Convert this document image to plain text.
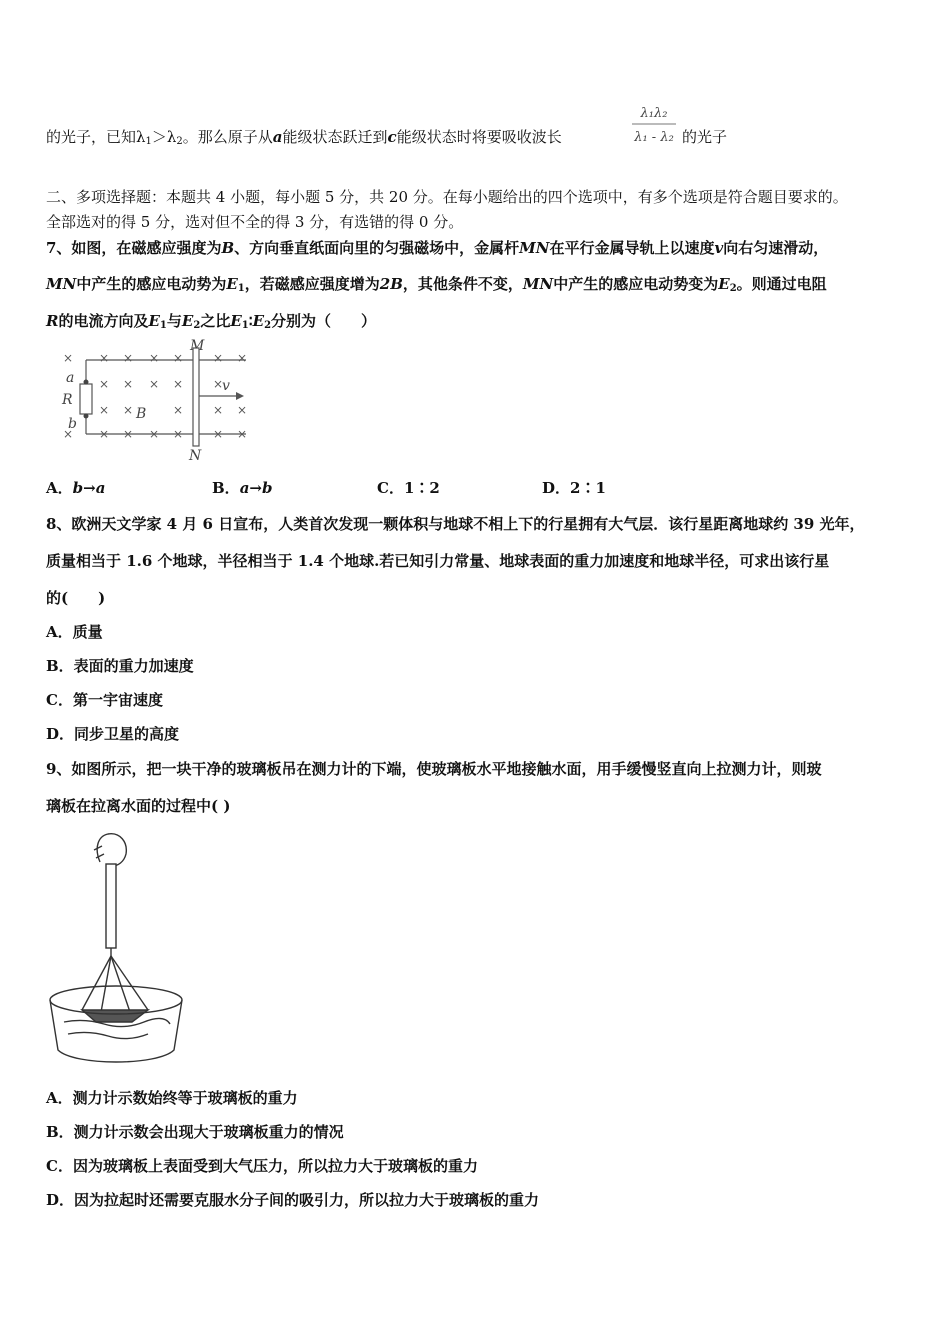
的光子，已知$\lambda_1>\lambda_2$。那么原子从a能级状态跃迁到c能级状态时将要吸收波长
λ₁λ₂
λ₁ - λ₂ 的光子
二、多项选择题：本题共 4 小题，每小题 5 分，共 20 分。在每小题给出的四个选项中，有多个选项是符合题目要求的。
全部选对的得 5 分，选对但不全的得 3 分，有选错的得 0 分。
7、如图，在磁感应强度为B、方向垂直纸面向里的匀强磁场中，金属杆MN在平行金属导轨上以速度v向右匀速滑动，
MN中产生的感应电动势为$E_1$，若磁感应强度增为2B，其他条件不变，MN中产生的感应电动势变为$E_2$。则通过电阻
R的电流方向及$E_1$与$E_2$之比$E_1∶E_2$分别为（　　）
× × × × × × ×
× × × × ×
× ×	× × ×
× × × × × × ×
M
N
a
R
b
B
v
A．b→a	B．a→b	C．1∶2	D．2∶1
8、欧洲天文学家 4 月 6 日宣布，人类首次发现一颗体积与地球不相上下的行星拥有大气层．该行星距离地球约 39 光年，
质量相当于 1.6 个地球，半径相当于 1.4 个地球.若已知引力常量、地球表面的重力加速度和地球半径，可求出该行星
的(　　)
A．质量
B．表面的重力加速度
C．第一宇宙速度
D．同步卫星的高度
9、如图所示，把一块干净的玻璃板吊在测力计的下端，使玻璃板水平地接触水面，用手缓慢竖直向上拉测力计，则玻
璃板在拉离水面的过程中( )
A．测力计示数始终等于玻璃板的重力
B．测力计示数会出现大于玻璃板重力的情况
C．因为玻璃板上表面受到大气压力，所以拉力大于玻璃板的重力
D．因为拉起时还需要克服水分子间的吸引力，所以拉力大于玻璃板的重力
